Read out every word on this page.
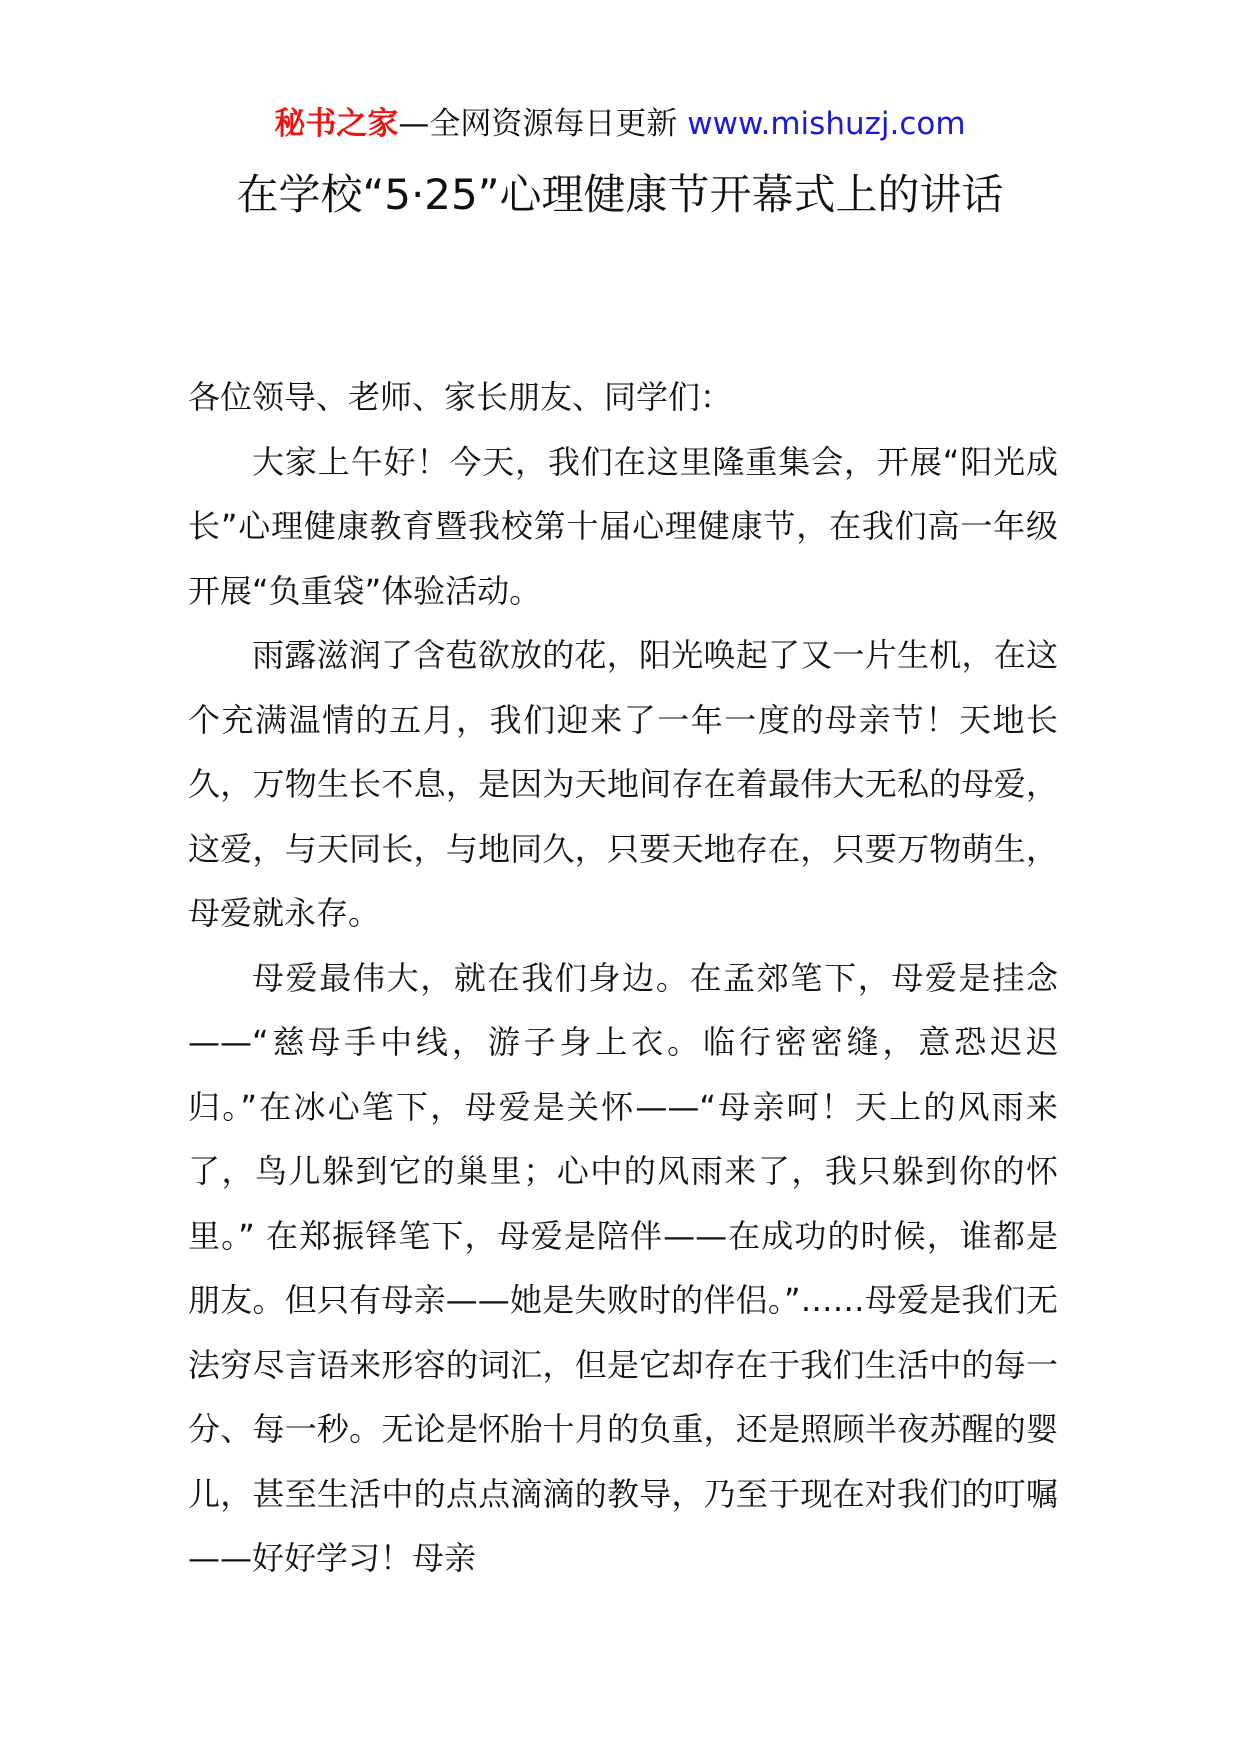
秘书之家—全网资源每日更新 www.mishuzj.com
在学校“5·25”心理健康节开幕式上的讲话

各位领导、老师、家长朋友、同学们：

大家上午好！今天，我们在这里隆重集会，开展“阳光成长”心理健康教育暨我校第十届心理健康节，在我们高一年级开展“负重袋”体验活动。

雨露滋润了含苞欲放的花，阳光唤起了又一片生机，在这个充满温情的五月，我们迎来了一年一度的母亲节！天地长久，万物生长不息，是因为天地间存在着最伟大无私的母爱，这爱，与天同长，与地同久，只要天地存在，只要万物萌生，母爱就永存。

母爱最伟大，就在我们身边。在孟郊笔下，母爱是挂念——“慈母手中线，游子身上衣。临行密密缝，意恐迟迟归。”在冰心笔下，母爱是关怀——“母亲呵！天上的风雨来了，鸟儿躲到它的巢里；心中的风雨来了，我只躲到你的怀里。” 在郑振铎笔下，母爱是陪伴——在成功的时候，谁都是朋友。但只有母亲——她是失败时的伴侣。”……母爱是我们无法穷尽言语来形容的词汇，但是它却存在于我们生活中的每一分、每一秒。无论是怀胎十月的负重，还是照顾半夜苏醒的婴儿，甚至生活中的点点滴滴的教导，乃至于现在对我们的叮嘱——好好学习！母亲
